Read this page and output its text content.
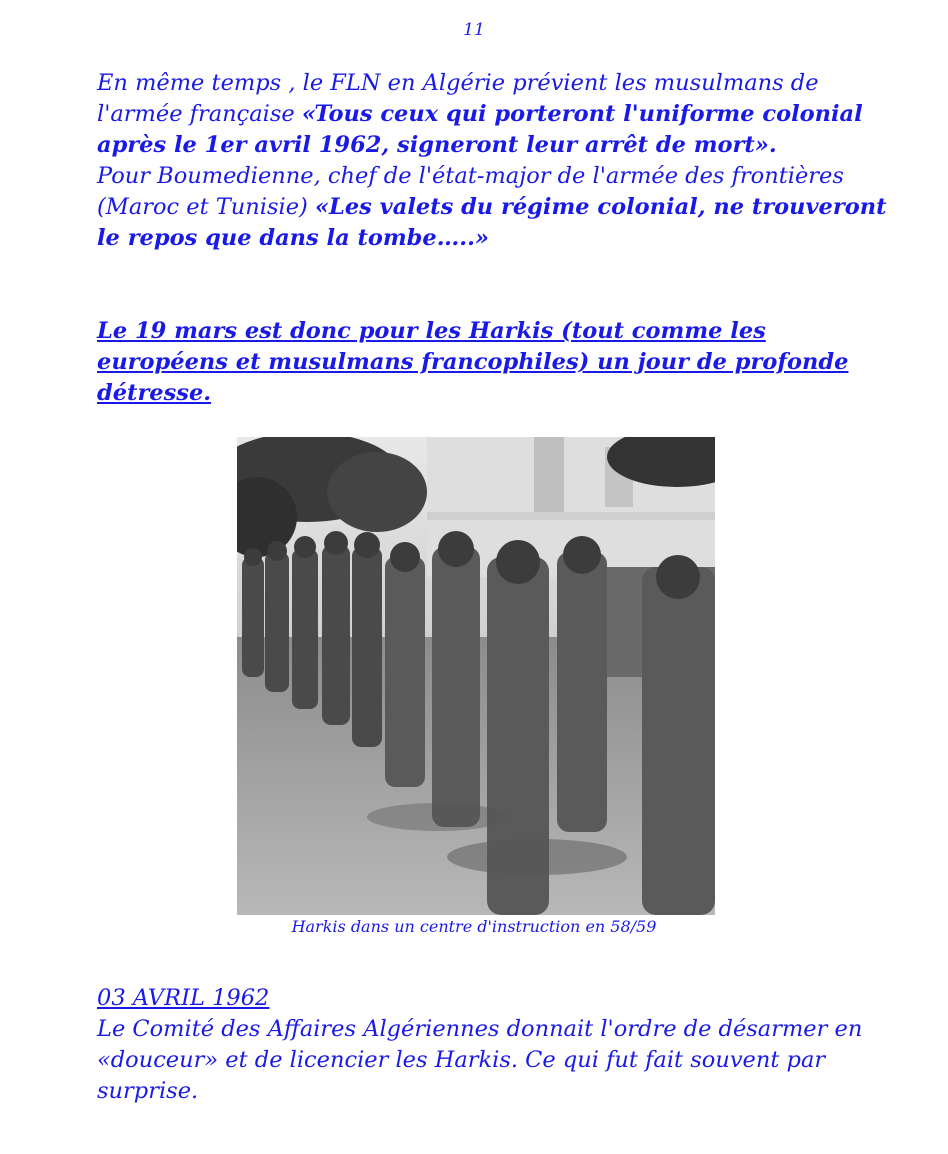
11
En même temps , le FLN en Algérie prévient les musulmans de l'armée française «Tous ceux qui porteront l'uniforme colonial après le 1er avril 1962, signeront leur arrêt de mort».
Pour Boumedienne, chef de l'état-major de l'armée des frontières (Maroc et Tunisie) «Les valets du régime colonial, ne trouveront le repos que dans la tombe…..»
Le 19 mars est donc pour les Harkis (tout comme les européens et musulmans francophiles) un jour de profonde détresse.
Harkis dans un centre d'instruction en 58/59
03 AVRIL 1962
Le Comité des Affaires Algériennes donnait l'ordre de désarmer en «douceur» et de licencier les Harkis. Ce qui fut fait souvent par surprise.
